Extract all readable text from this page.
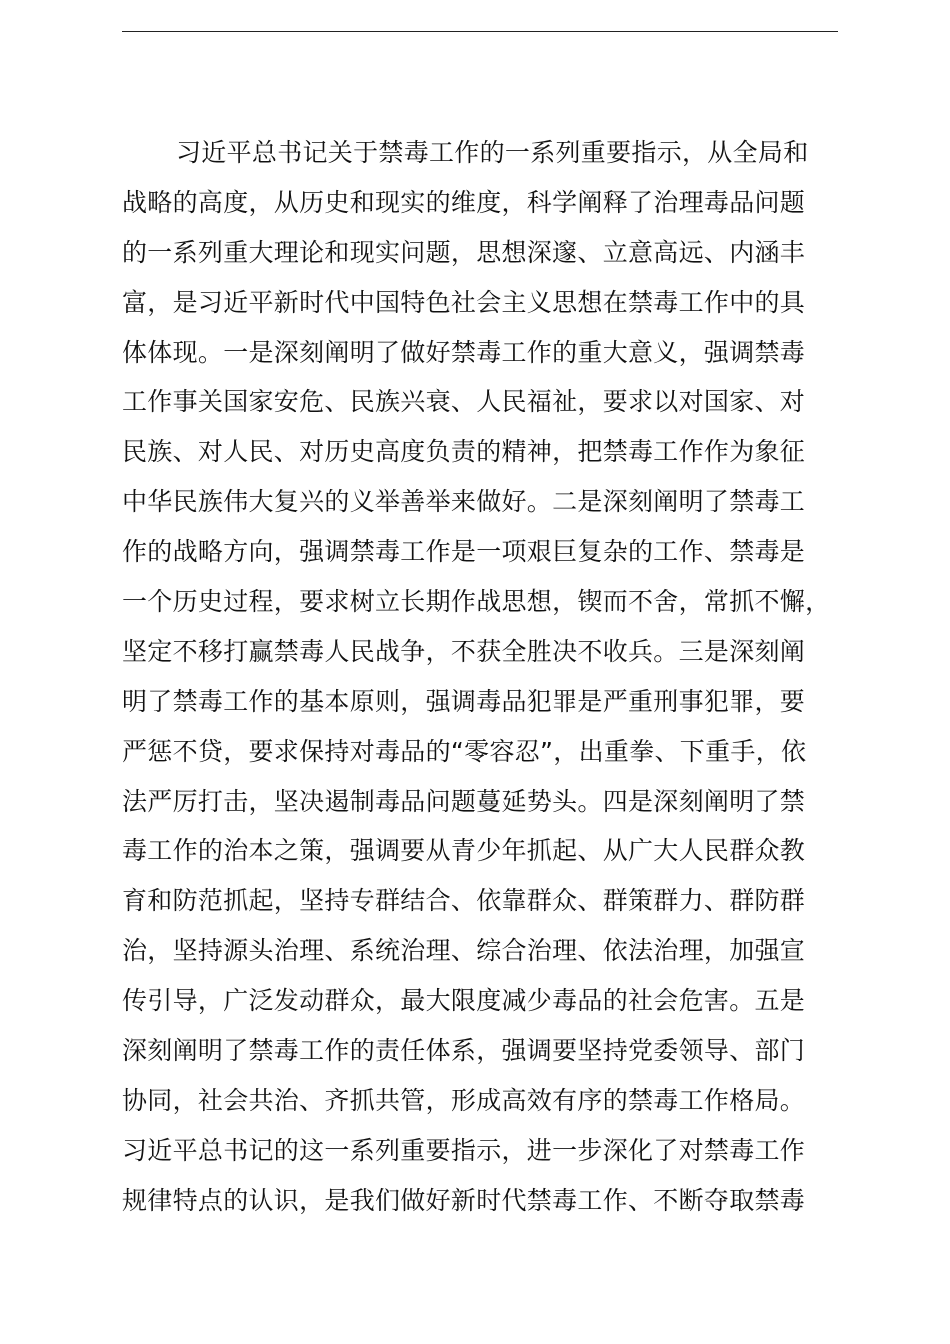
习近平总书记关于禁毒工作的一系列重要指示，从全局和
战略的高度，从历史和现实的维度，科学阐释了治理毒品问题
的一系列重大理论和现实问题，思想深邃、立意高远、内涵丰
富，是习近平新时代中国特色社会主义思想在禁毒工作中的具
体体现。一是深刻阐明了做好禁毒工作的重大意义，强调禁毒
工作事关国家安危、民族兴衰、人民福祉，要求以对国家、对
民族、对人民、对历史高度负责的精神，把禁毒工作作为象征
中华民族伟大复兴的义举善举来做好。二是深刻阐明了禁毒工
作的战略方向，强调禁毒工作是一项艰巨复杂的工作、禁毒是
一个历史过程，要求树立长期作战思想，锲而不舍，常抓不懈，
坚定不移打赢禁毒人民战争，不获全胜决不收兵。三是深刻阐
明了禁毒工作的基本原则，强调毒品犯罪是严重刑事犯罪，要
严惩不贷，要求保持对毒品的“零容忍”，出重拳、下重手，依
法严厉打击，坚决遏制毒品问题蔓延势头。四是深刻阐明了禁
毒工作的治本之策，强调要从青少年抓起、从广大人民群众教
育和防范抓起，坚持专群结合、依靠群众、群策群力、群防群
治，坚持源头治理、系统治理、综合治理、依法治理，加强宣
传引导，广泛发动群众，最大限度减少毒品的社会危害。五是
深刻阐明了禁毒工作的责任体系，强调要坚持党委领导、部门
协同，社会共治、齐抓共管，形成高效有序的禁毒工作格局。
习近平总书记的这一系列重要指示，进一步深化了对禁毒工作
规律特点的认识，是我们做好新时代禁毒工作、不断夺取禁毒
